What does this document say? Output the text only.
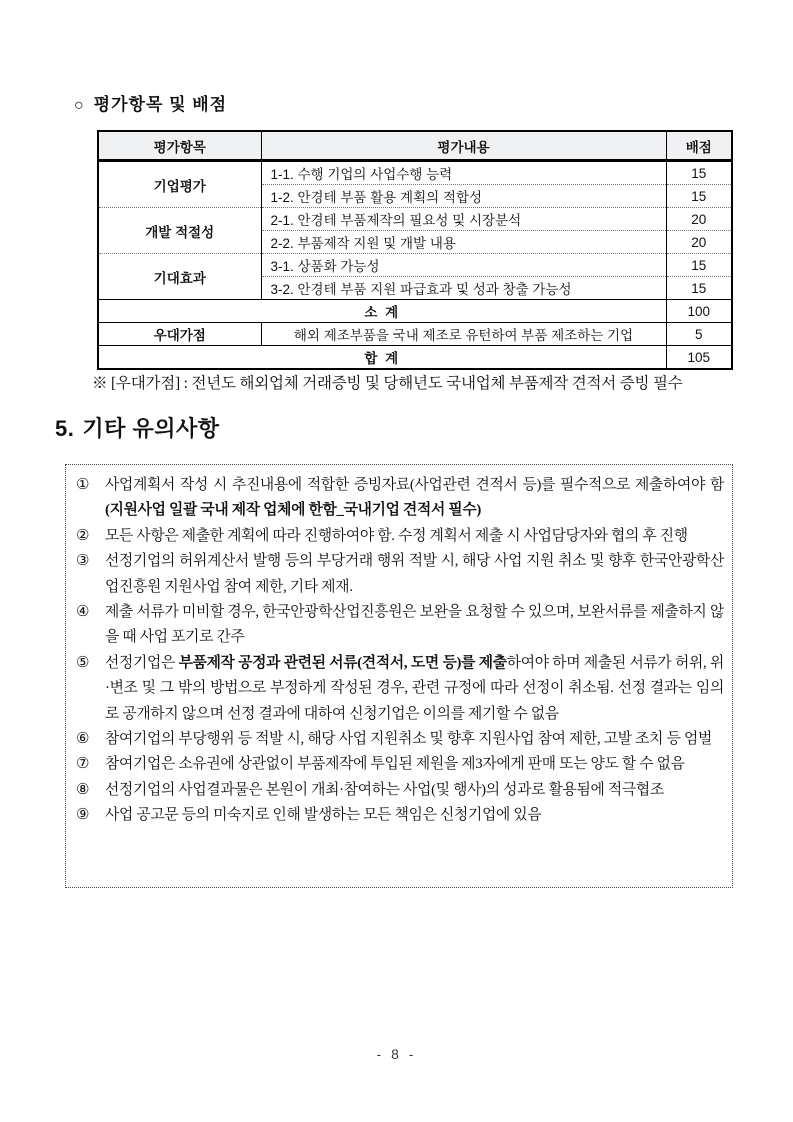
○ 평가항목 및 배점
평가항목	평가내용	배점
기업평가	1-1. 수행 기업의 사업수행 능력	15
	1-2. 안경테 부품 활용 계획의 적합성	15
개발 적절성	2-1. 안경테 부품제작의 필요성 및 시장분석	20
	2-2. 부품제작 지원 및 개발 내용	20
기대효과	3-1. 상품화 가능성	15
	3-2. 안경테 부품 지원 파급효과 및 성과 창출 가능성	15
소 계		100
우대가점	해외 제조부품을 국내 제조로 유턴하여 부품 제조하는 기업	5
합 계		105
※ [우대가점] : 전년도 해외업체 거래증빙 및 당해년도 국내업체 부품제작 견적서 증빙 필수
5. 기타 유의사항
① 사업계획서 작성 시 추진내용에 적합한 증빙자료(사업관련 견적서 등)를 필수적으로 제출하여야 함 (지원사업 일괄 국내 제작 업체에 한함_국내기업 견적서 필수)
② 모든 사항은 제출한 계획에 따라 진행하여야 함. 수정 계획서 제출 시 사업담당자와 협의 후 진행
③ 선정기업의 허위계산서 발행 등의 부당거래 행위 적발 시, 해당 사업 지원 취소 및 향후 한국안광학산업진흥원 지원사업 참여 제한, 기타 제재.
④ 제출 서류가 미비할 경우, 한국안광학산업진흥원은 보완을 요청할 수 있으며, 보완서류를 제출하지 않을 때 사업 포기로 간주
⑤ 선정기업은 부품제작 공정과 관련된 서류(견적서, 도면 등)를 제출하여야 하며 제출된 서류가 허위, 위·변조 및 그 밖의 방법으로 부정하게 작성된 경우, 관련 규정에 따라 선정이 취소됨. 선정 결과는 임의로 공개하지 않으며 선정 결과에 대하여 신청기업은 이의를 제기할 수 없음
⑥ 참여기업의 부당행위 등 적발 시, 해당 사업 지원취소 및 향후 지원사업 참여 제한, 고발 조치 등 엄벌
⑦ 참여기업은 소유권에 상관없이 부품제작에 투입된 제원을 제3자에게 판매 또는 양도 할 수 없음
⑧ 선정기업의 사업결과물은 본원이 개최·참여하는 사업(및 행사)의 성과로 활용됨에 적극협조
⑨ 사업 공고문 등의 미숙지로 인해 발생하는 모든 책임은 신청기업에 있음
- 8 -
